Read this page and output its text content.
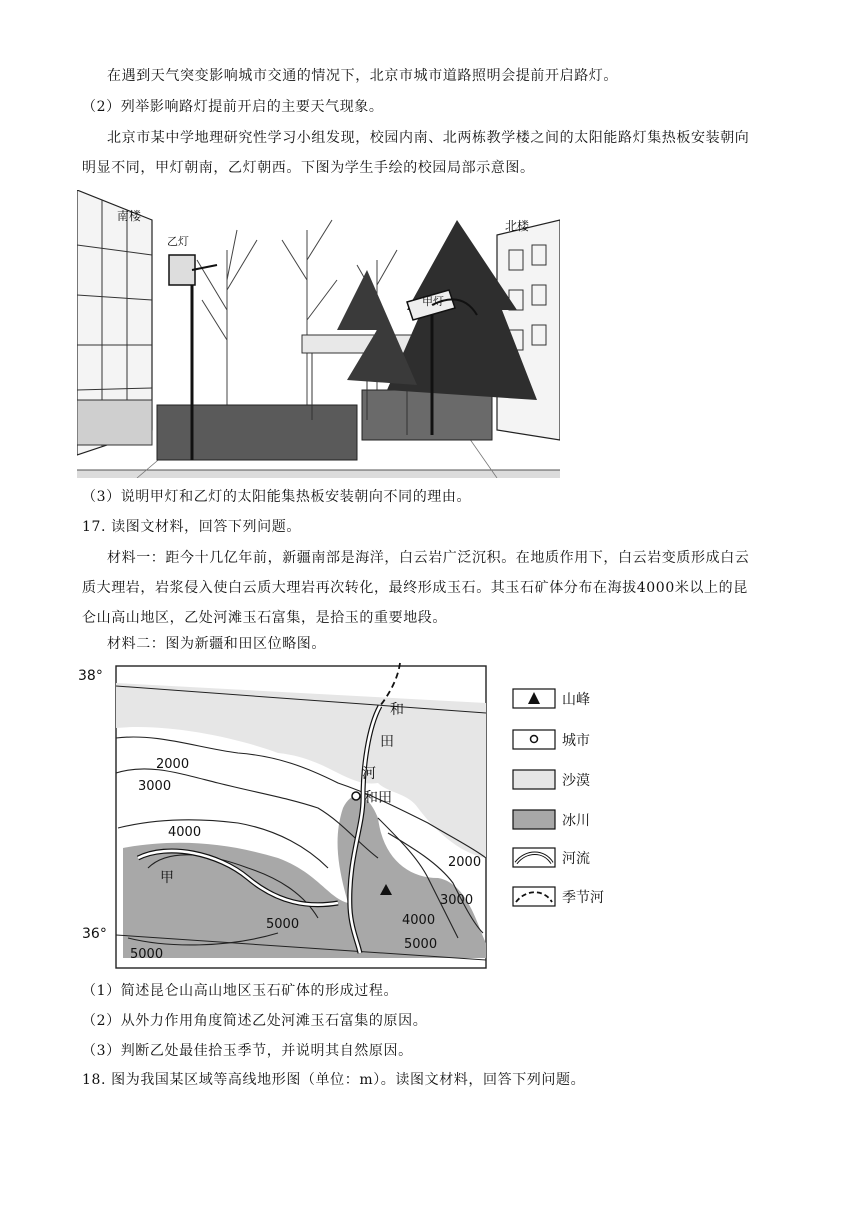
在遇到天气突变影响城市交通的情况下，北京市城市道路照明会提前开启路灯。
（2）列举影响路灯提前开启的主要天气现象。
北京市某中学地理研究性学习小组发现，校园内南、北两栋教学楼之间的太阳能路灯集热板安装朝向
明显不同，甲灯朝南，乙灯朝西。下图为学生手绘的校园局部示意图。
南楼
北楼
乙灯
甲灯
（3）说明甲灯和乙灯的太阳能集热板安装朝向不同的理由。
17. 读图文材料，回答下列问题。
材料一：距今十几亿年前，新疆南部是海洋，白云岩广泛沉积。在地质作用下，白云岩变质形成白云
质大理岩，岩浆侵入使白云质大理岩再次转化，最终形成玉石。其玉石矿体分布在海拔4000米以上的昆
仑山高山地区，乙处河滩玉石富集，是拾玉的重要地段。
材料二：图为新疆和田区位略图。
38°
36°
和
田
河
和田
甲
2000
3000
4000
2000
3000
4000
5000
5000
5000
山峰
城市
沙漠
冰川
河流
季节河
（1）简述昆仑山高山地区玉石矿体的形成过程。
（2）从外力作用角度简述乙处河滩玉石富集的原因。
（3）判断乙处最佳拾玉季节，并说明其自然原因。
18. 图为我国某区域等高线地形图（单位：m）。读图文材料，回答下列问题。
